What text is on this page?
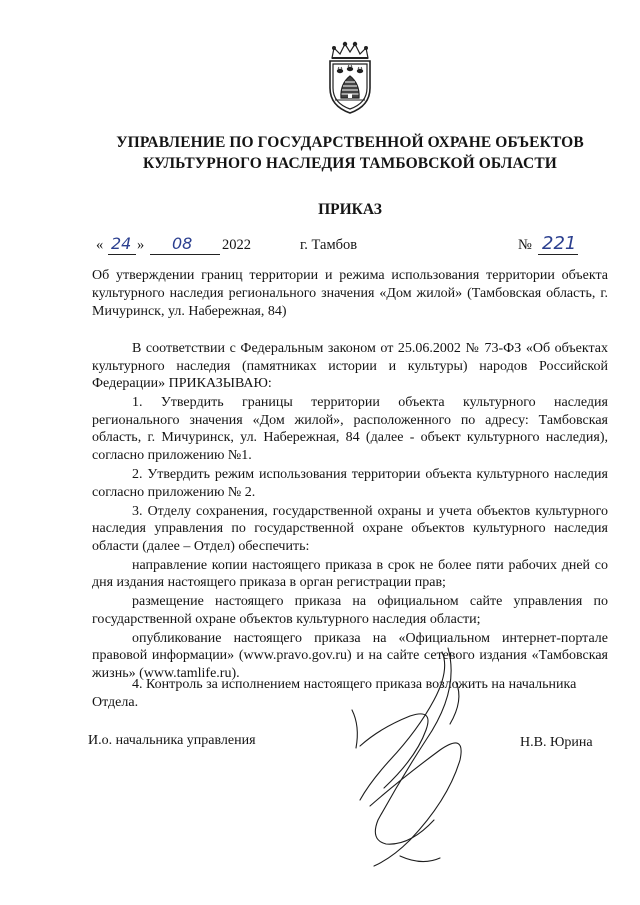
УПРАВЛЕНИЕ ПО ГОСУДАРСТВЕННОЙ ОХРАНЕ ОБЪЕКТОВ
КУЛЬТУРНОГО НАСЛЕДИЯ ТАМБОВСКОЙ ОБЛАСТИ
ПРИКАЗ
« 24 » 08 2022	г. Тамбов	№ 221
Об утверждении границ территории и режима использования территории объекта культурного наследия регионального значения «Дом жилой» (Тамбовская область, г. Мичуринск, ул. Набережная, 84)

В соответствии с Федеральным законом от 25.06.2002 № 73-ФЗ «Об объектах культурного наследия (памятниках истории и культуры) народов Российской Федерации» ПРИКАЗЫВАЮ:

1. Утвердить границы территории объекта культурного наследия регионального значения «Дом жилой», расположенного по адресу: Тамбовская область, г. Мичуринск, ул. Набережная, 84 (далее - объект культурного наследия), согласно приложению №1.

2. Утвердить режим использования территории объекта культурного наследия согласно приложению № 2.

3. Отделу сохранения, государственной охраны и учета объектов культурного наследия управления по государственной охране объектов культурного наследия области (далее – Отдел) обеспечить:

направление копии настоящего приказа в срок не более пяти рабочих дней со дня издания настоящего приказа в орган регистрации прав;

размещение настоящего приказа на официальном сайте управления по государственной охране объектов культурного наследия области;

опубликование настоящего приказа на «Официальном интернет-портале правовой информации» (www.pravo.gov.ru) и на сайте сетевого издания «Тамбовская жизнь» (www.tamlife.ru).

4. Контроль за исполнением настоящего приказа возложить на начальника Отдела.

И.о. начальника управления	Н.В. Юрина
